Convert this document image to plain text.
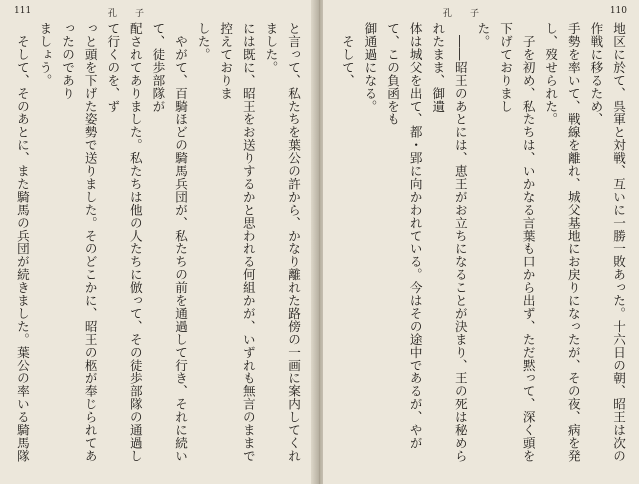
111	孔　　子

と言って、私たちを葉公の許から、かなり離れた路傍の一画に案内してくれました。
には既に、昭王をお送りするかと思われる何組かが、いずれも無言のままで控えておりま
した。
　やがて、百騎ほどの騎馬兵団が、私たちの前を通過して行き、それに続いて、徒歩部隊が
配されてありました。私たちは他の人たちに倣って、その徒歩部隊の通過して行くのを、ず
っと頭を下げた姿勢で送りました。そのどこかに、昭王の柩が奉じられてあったのであり
ましょう。
　そして、そのあとに、また騎馬の兵団が続きました。葉公の率いる騎馬隊

孔　　子	110

地区に於て、呉軍と対戦、互いに一勝一敗あった。十六日の朝、昭王は次の作戦に移るため、
手勢を率いて、戦線を離れ、城父基地にお戻りになったが、その夜、病を発し、歿せられた。
　子を初め、私たちは、いかなる言葉も口から出ず、ただ黙って、深く頭を下げておりまし
た。
　――昭王のあとには、恵王がお立ちになることが決まり、王の死は秘められたまま、御遺
体は城父を出て、都・郢に向かわれている。今はその途中であるが、やがて、この負函をも
御通過になる。
　そして、
